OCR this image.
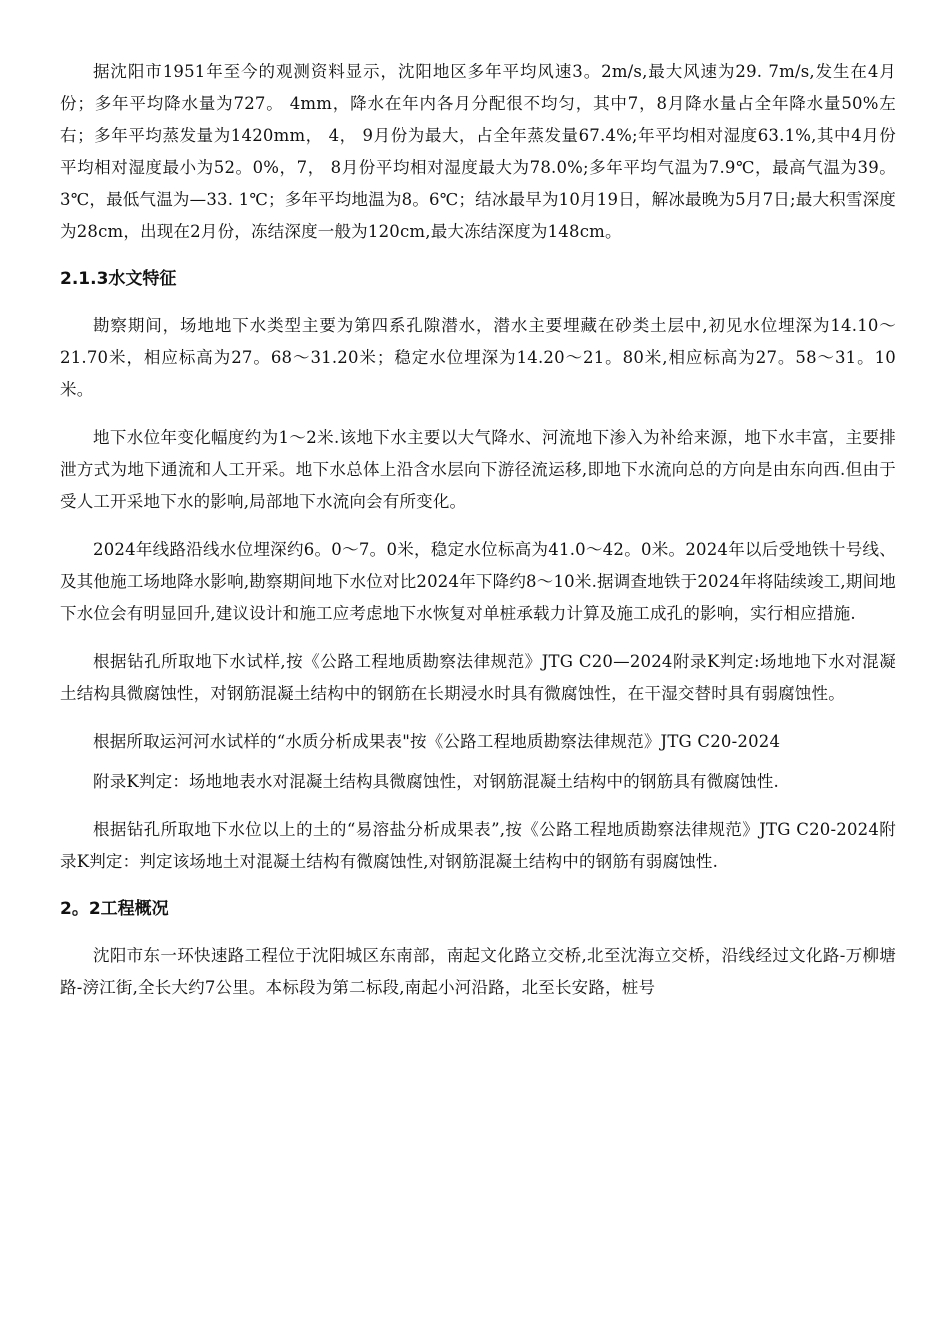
据沈阳市1951年至今的观测资料显示，沈阳地区多年平均风速3。2m/s,最大风速为29. 7m/s,发生在4月份；多年平均降水量为727。 4mm，降水在年内各月分配很不均匀，其中7，8月降水量占全年降水量50%左右；多年平均蒸发量为1420mm， 4， 9月份为最大，占全年蒸发量67.4%;年平均相对湿度63.1%,其中4月份平均相对湿度最小为52。0%，7， 8月份平均相对湿度最大为78.0%;多年平均气温为7.9℃，最高气温为39。3℃，最低气温为—33. 1℃；多年平均地温为8。6℃；结冰最早为10月19日，解冰最晚为5月7日;最大积雪深度为28cm，出现在2月份，冻结深度一般为120cm,最大冻结深度为148cm。

2.1.3水文特征

勘察期间，场地地下水类型主要为第四系孔隙潜水，潜水主要埋藏在砂类土层中,初见水位埋深为14.10～21.70米，相应标高为27。68～31.20米；稳定水位埋深为14.20～21。80米,相应标高为27。58～31。10米。

地下水位年变化幅度约为1～2米.该地下水主要以大气降水、河流地下渗入为补给来源，地下水丰富，主要排泄方式为地下通流和人工开采。地下水总体上沿含水层向下游径流运移,即地下水流向总的方向是由东向西.但由于受人工开采地下水的影响,局部地下水流向会有所变化。

2024年线路沿线水位埋深约6。0～7。0米，稳定水位标高为41.0～42。0米。2024年以后受地铁十号线、及其他施工场地降水影响,勘察期间地下水位对比2024年下降约8～10米.据调查地铁于2024年将陆续竣工,期间地下水位会有明显回升,建议设计和施工应考虑地下水恢复对单桩承载力计算及施工成孔的影响，实行相应措施.

根据钻孔所取地下水试样,按《公路工程地质勘察法律规范》JTG C20—2024附录K判定:场地地下水对混凝土结构具微腐蚀性，对钢筋混凝土结构中的钢筋在长期浸水时具有微腐蚀性，在干湿交替时具有弱腐蚀性。

根据所取运河河水试样的“水质分析成果表"按《公路工程地质勘察法律规范》JTG C20-2024

附录K判定：场地地表水对混凝土结构具微腐蚀性，对钢筋混凝土结构中的钢筋具有微腐蚀性.

根据钻孔所取地下水位以上的土的“易溶盐分析成果表”,按《公路工程地质勘察法律规范》JTG C20-2024附录K判定：判定该场地土对混凝土结构有微腐蚀性,对钢筋混凝土结构中的钢筋有弱腐蚀性.

2。2工程概况

沈阳市东一环快速路工程位于沈阳城区东南部，南起文化路立交桥,北至沈海立交桥，沿线经过文化路-万柳塘路-滂江街,全长大约7公里。本标段为第二标段,南起小河沿路，北至长安路，桩号
